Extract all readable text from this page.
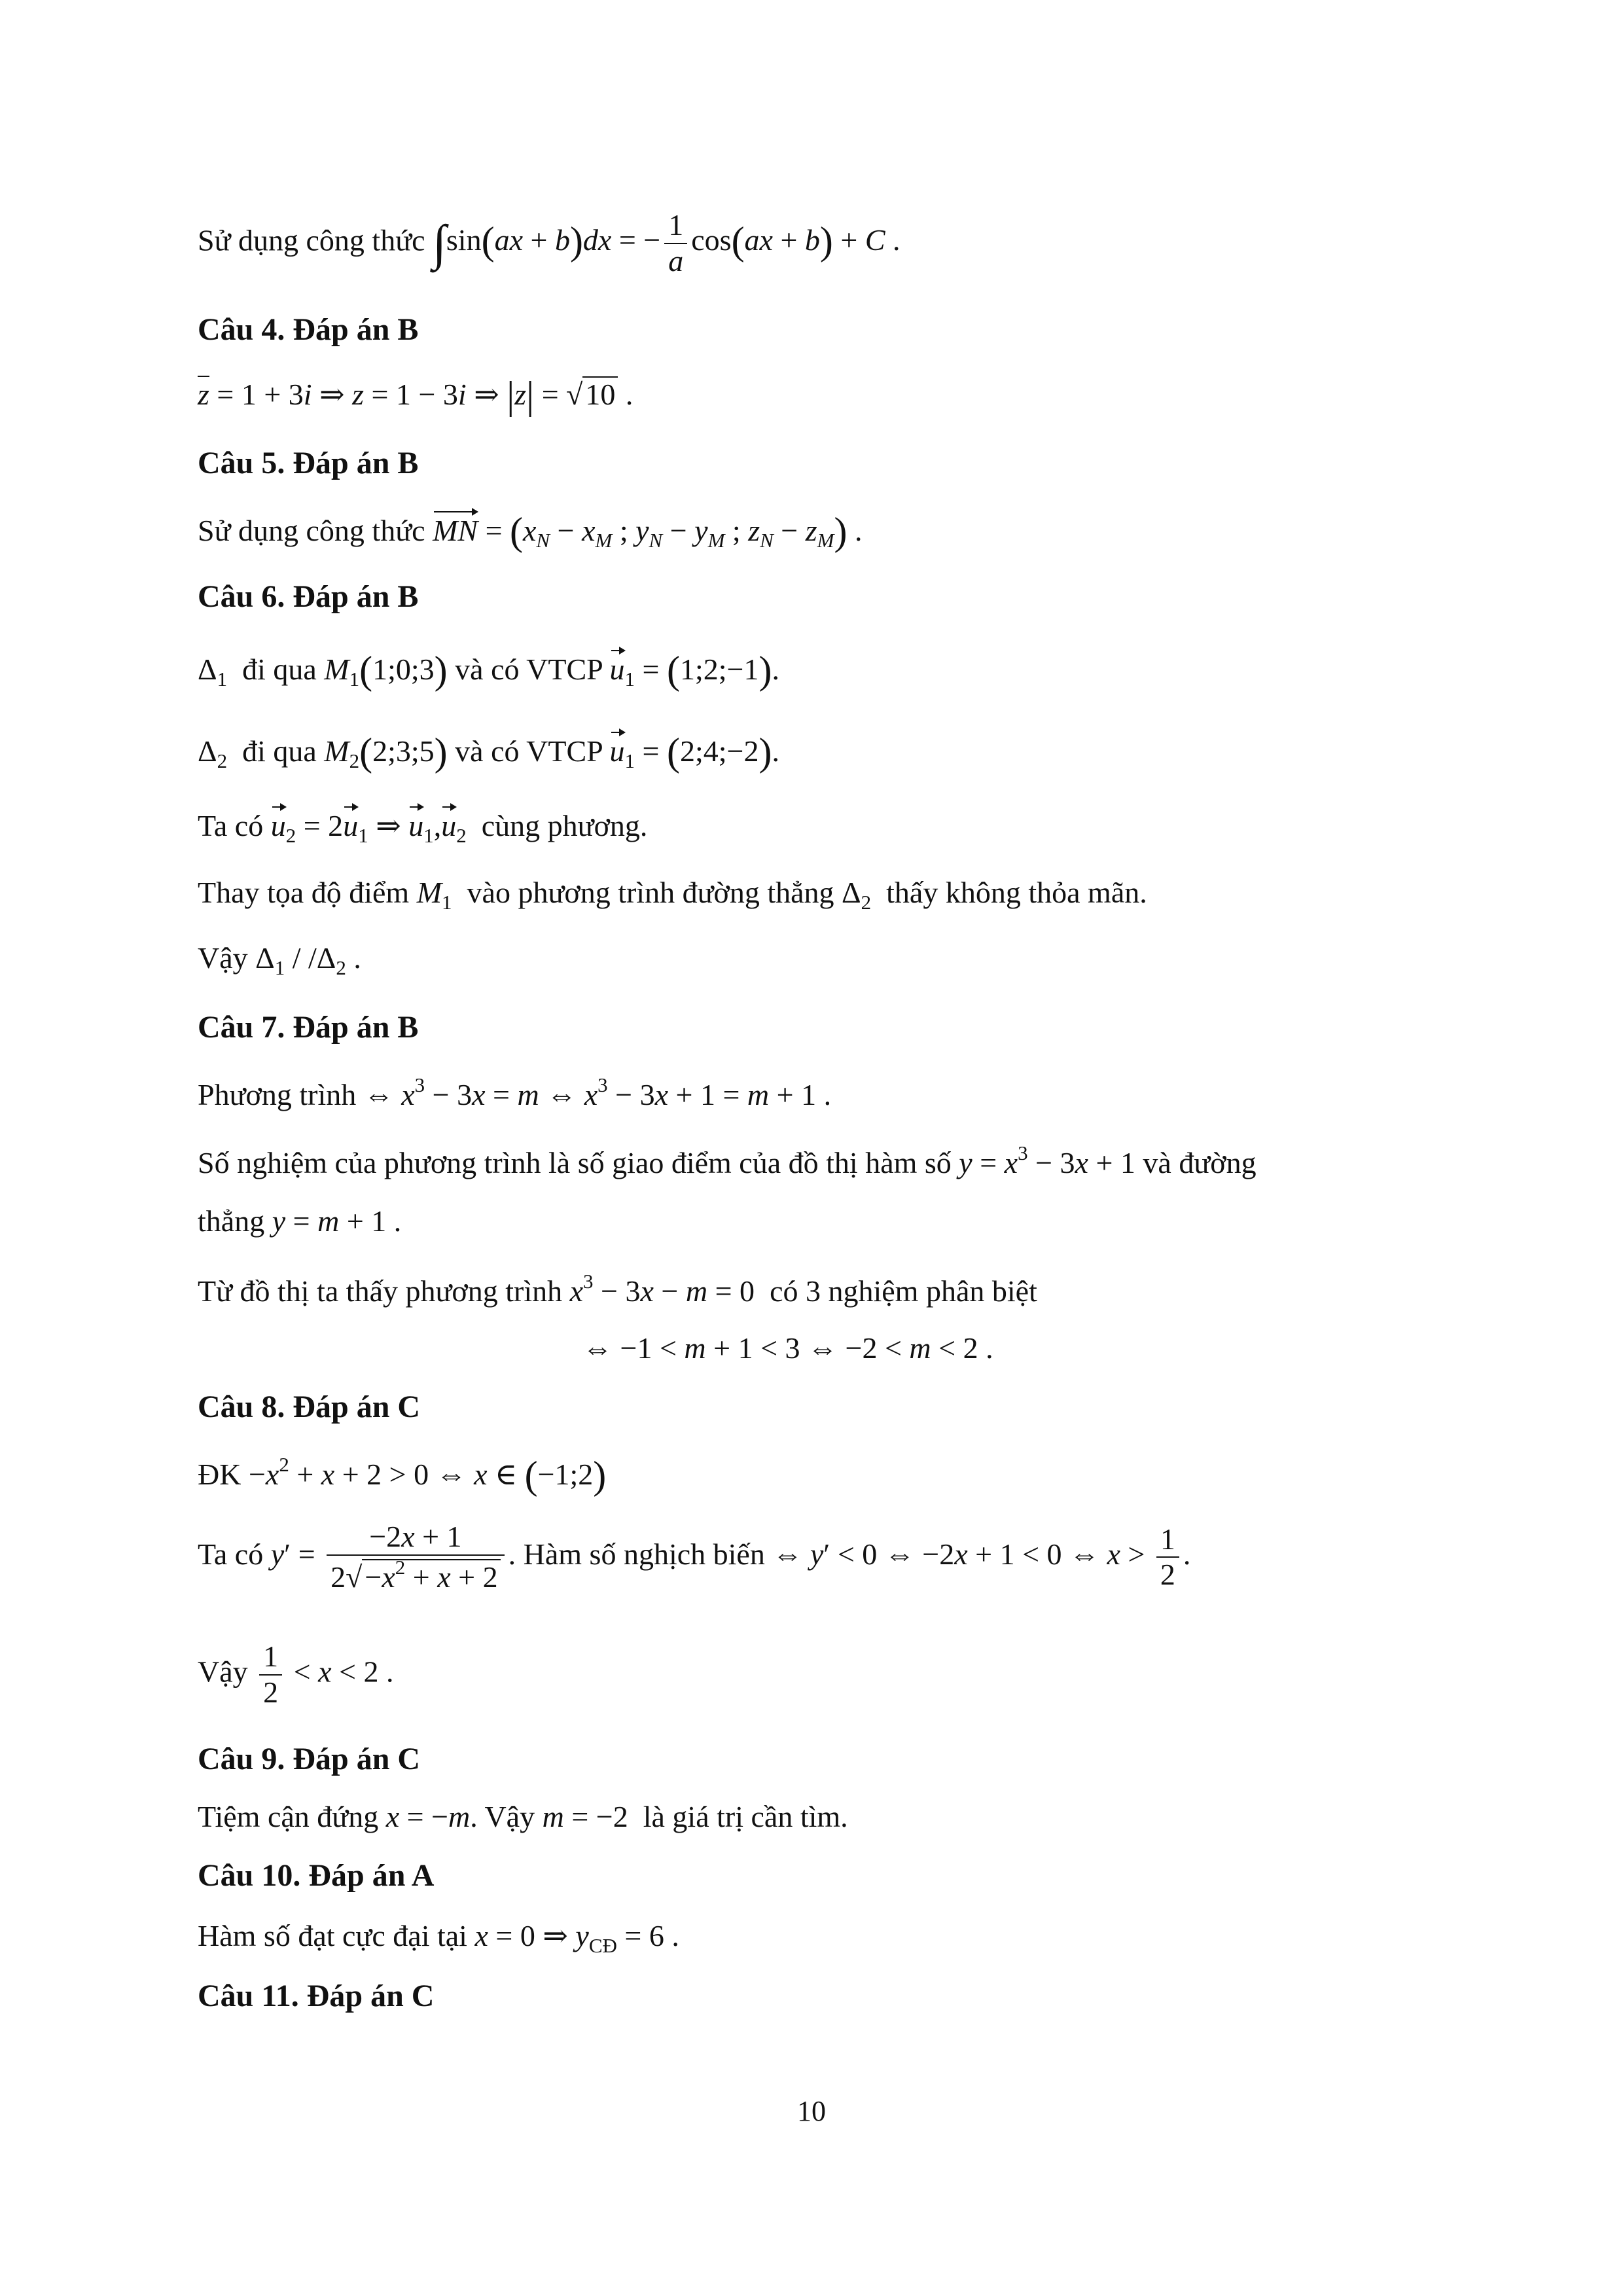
Sử dụng công thức ∫sin(ax + b)dx = − $\frac{1}{a} \cos(ax + b) + C$ .
Câu 4. Đáp án B
z = 1 + 3i ⇒ z = 1 − 3i ⇒ |z| = √10 .
Câu 5. Đáp án B
Sử dụng công thức MN = ($x_N - x_M$ ; $y_N - y_M$ ; $z_N - z_M$) .
Câu 6. Đáp án B
$\Delta_1$ đi qua $M_1(1;0;3)$ và có VTCP $u_1$ = (1;2;−1).
$\Delta_2$ đi qua $M_2(2;3;5)$ và có VTCP $u_1$ = (2;4;−2).
Ta có $u_2 = 2u_1$ ⇒ $u_1,u_2$ cùng phương.
Thay tọa độ điểm $M_1$ vào phương trình đường thẳng $\Delta_2$ thấy không thỏa mãn.
Vậy $\Delta_1 / /\Delta_2$ .
Câu 7. Đáp án B
Phương trình ⇔ $x^3 - 3x = m$ ⇔ $x^3 - 3x + 1 = m + 1$ .
Số nghiệm của phương trình là số giao điểm của đồ thị hàm số $y = x^3 - 3x + 1$ và đường
thẳng y = m + 1 .
Từ đồ thị ta thấy phương trình $x^3 - 3x - m = 0$  có 3 nghiệm phân biệt
⇔ −1 < m + 1 < 3 ⇔ −2 < m < 2 .
Câu 8. Đáp án C
ĐK $-x^2 + x + 2 > 0$ ⇔ x ∈ (−1;2)
Ta có $y' = \frac{-2x + 1}{2√-x^2 + x + 2}$ . Hàm số nghịch biến ⇔ y′ < 0 ⇔ −2x + 1 < 0 ⇔ $x > \frac{1}{2}$ .
Vậy $\frac{1}{2} < x < 2$ .
Câu 9. Đáp án C
Tiệm cận đứng x = −m. Vậy m = −2  là giá trị cần tìm.
Câu 10. Đáp án A
Hàm số đạt cực đại tại x = 0 ⇒ $y_{CĐ} = 6$ .
Câu 11. Đáp án C
10
